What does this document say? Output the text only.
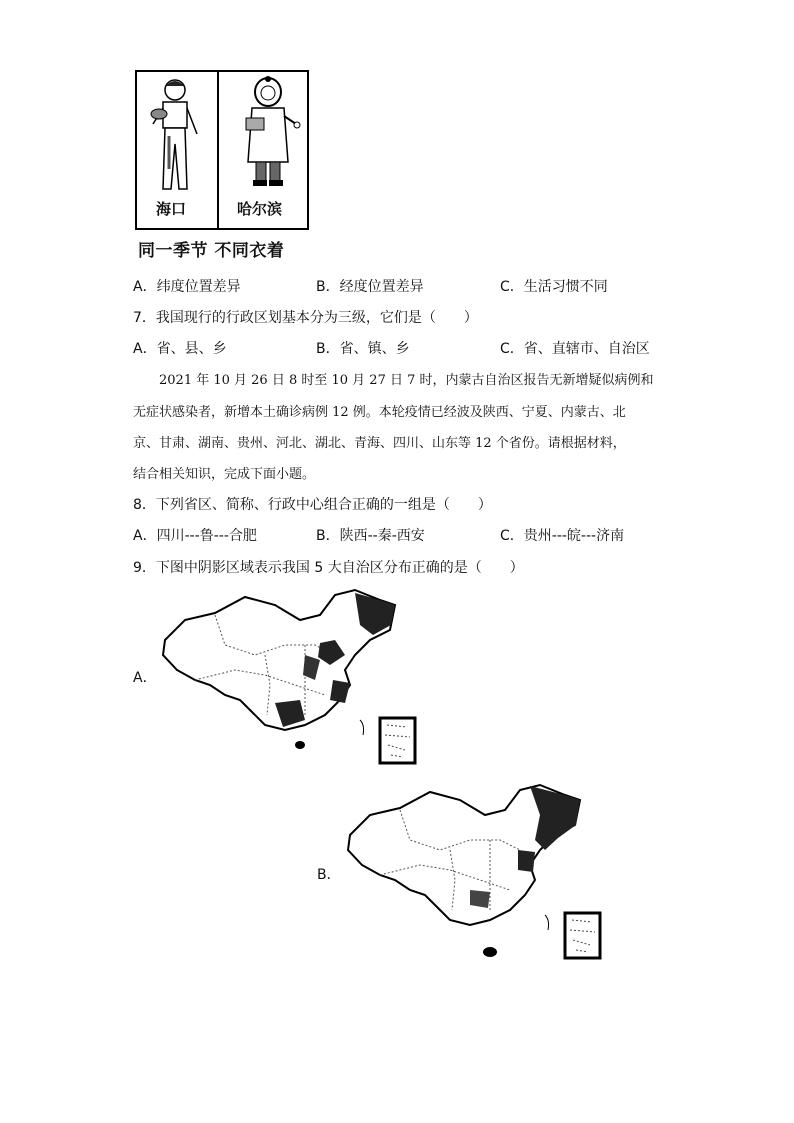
海口	哈尔滨
同一季节 不同衣着
A．纬度位置差异	B．经度位置差异	C．生活习惯不同
7．我国现行的行政区划基本分为三级，它们是（　　）
A．省、县、乡	B．省、镇、乡	C．省、直辖市、自治区
2021 年 10 月 26 日 8 时至 10 月 27 日 7 时，内蒙古自治区报告无新增疑似病例和
无症状感染者，新增本土确诊病例 12 例。本轮疫情已经波及陕西、宁夏、内蒙古、北
京、甘肃、湖南、贵州、河北、湖北、青海、四川、山东等 12 个省份。请根据材料，
结合相关知识，完成下面小题。
8．下列省区、简称、行政中心组合正确的一组是（　　）
A．四川---鲁---合肥	B．陕西--秦-西安	C．贵州---皖---济南
9．下图中阴影区域表示我国 5 大自治区分布正确的是（　　）
A．
B．
